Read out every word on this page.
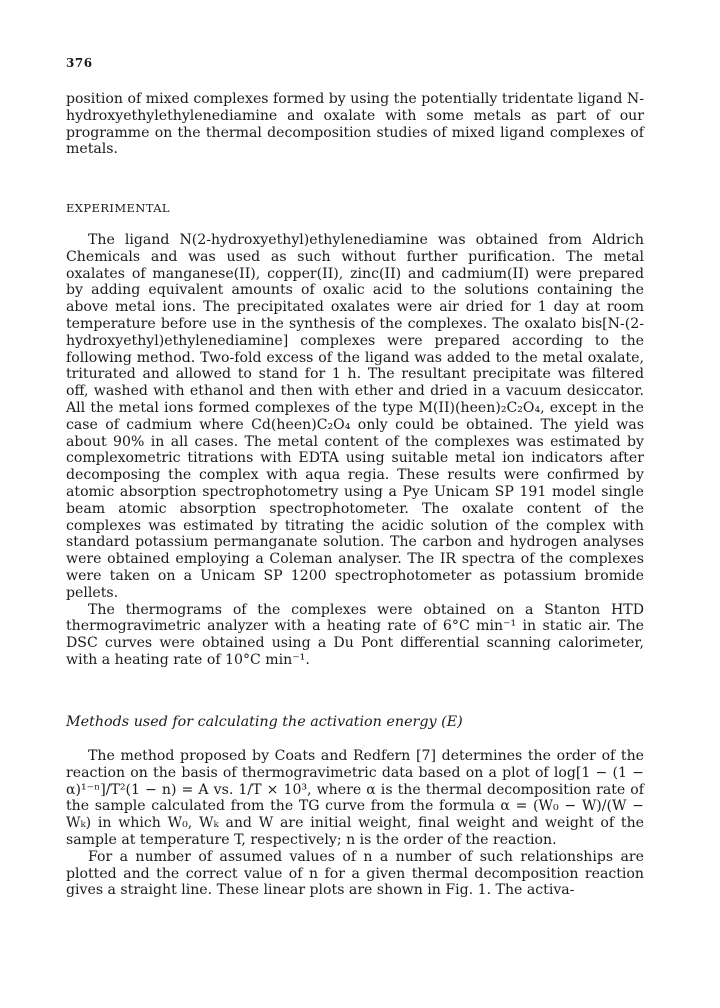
376

position of mixed complexes formed by using the potentially tridentate ligand N-hydroxyethylethylenediamine and oxalate with some metals as part of our programme on the thermal decomposition studies of mixed ligand complexes of metals.

EXPERIMENTAL

The ligand N(2-hydroxyethyl)ethylenediamine was obtained from Aldrich Chemicals and was used as such without further purification. The metal oxalates of manganese(II), copper(II), zinc(II) and cadmium(II) were prepared by adding equivalent amounts of oxalic acid to the solutions containing the above metal ions. The precipitated oxalates were air dried for 1 day at room temperature before use in the synthesis of the complexes. The oxalato bis[N-(2-hydroxyethyl)ethylenediamine] complexes were prepared according to the following method. Two-fold excess of the ligand was added to the metal oxalate, triturated and allowed to stand for 1 h. The resultant precipitate was filtered off, washed with ethanol and then with ether and dried in a vacuum desiccator. All the metal ions formed complexes of the type M(II)(heen)₂C₂O₄, except in the case of cadmium where Cd(heen)C₂O₄ only could be obtained. The yield was about 90% in all cases. The metal content of the complexes was estimated by complexometric titrations with EDTA using suitable metal ion indicators after decomposing the complex with aqua regia. These results were confirmed by atomic absorption spectrophotometry using a Pye Unicam SP 191 model single beam atomic absorption spectrophotometer. The oxalate content of the complexes was estimated by titrating the acidic solution of the complex with standard potassium permanganate solution. The carbon and hydrogen analyses were obtained employing a Coleman analyser. The IR spectra of the complexes were taken on a Unicam SP 1200 spectrophotometer as potassium bromide pellets.

The thermograms of the complexes were obtained on a Stanton HTD thermogravimetric analyzer with a heating rate of 6°C min⁻¹ in static air. The DSC curves were obtained using a Du Pont differential scanning calorimeter, with a heating rate of 10°C min⁻¹.

Methods used for calculating the activation energy (E)

The method proposed by Coats and Redfern [7] determines the order of the reaction on the basis of thermogravimetric data based on a plot of log[1 − (1 − α)¹⁻ⁿ]/T²(1 − n) = A vs. 1/T × 10³, where α is the thermal decomposition rate of the sample calculated from the TG curve from the formula α = (W₀ − W)/(W − Wₖ) in which W₀, Wₖ and W are initial weight, final weight and weight of the sample at temperature T, respectively; n is the order of the reaction.

For a number of assumed values of n a number of such relationships are plotted and the correct value of n for a given thermal decomposition reaction gives a straight line. These linear plots are shown in Fig. 1. The activa-
